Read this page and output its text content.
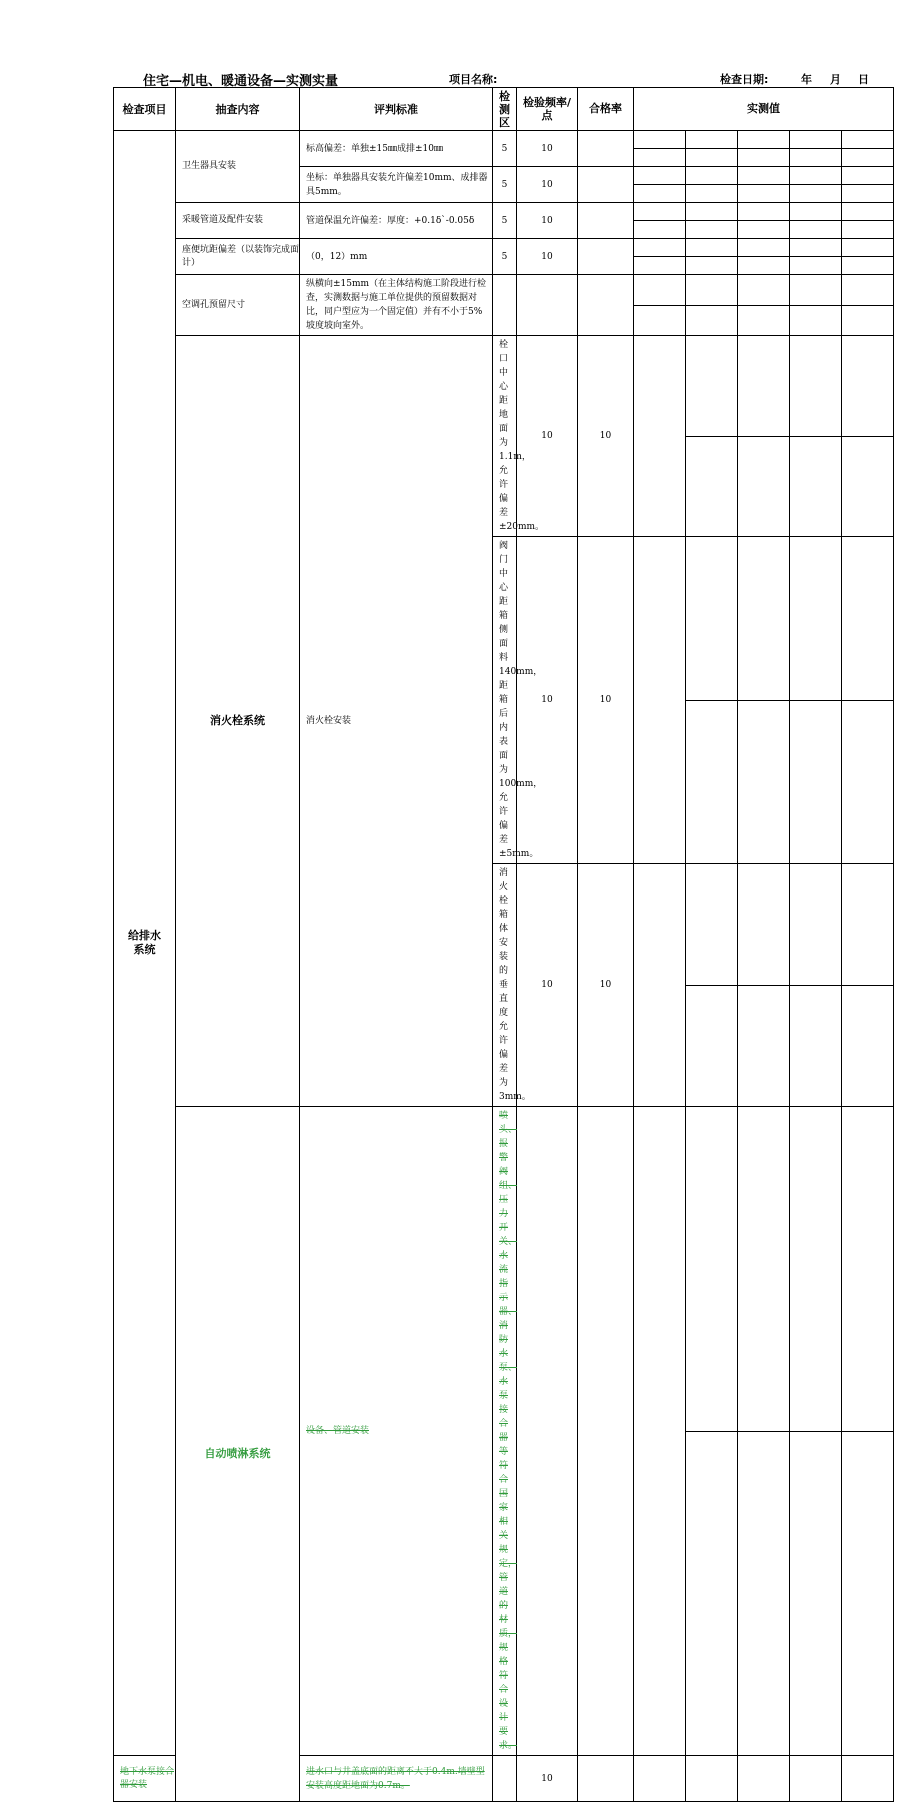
住宅—机电、暖通设备—实测实量	项目名称:	检查日期:	年 月 日
检查项目	抽查内容	评判标准	检测区	检验频率/点	合格率	实测值					
给排水系统	卫生器具安装	标高偏差：单独±15㎜成排±10㎜	5	10							

		坐标：单独器具安装允许偏差10mm、成排器具5mm。	5	10							

	采暖管道及配件安装	管道保温允许偏差：厚度：+0.1δ`-0.05δ	5	10							

	座便坑距偏差（以装饰完成面计）	（0，12）mm	5	10							

	空调孔预留尺寸	纵横向±15mm（在主体结构施工阶段进行检查，实测数据与施工单位提供的预留数据对比，同户型应为一个固定值）并有不小于5%坡度坡向室外。									

	消火栓系统	消火栓安装	栓口中心距地面为1.1m，允许偏差±20mm。	10	10						

			阀门中心距箱侧面料140mm，距箱后内表面为100mm，允许偏差±5mm。	10	10						

			消火栓箱体安装的垂直度允许偏差为3mm。	10	10						

	自动喷淋系统	设备、管道安装	喷头、报警阀组、压力开关、水流指示器、消防水泵、水泵接合器等符合国家相关规定，管道的材质，规格符合设计要求。								

地下水泵接合器安装		进水口与井盖底面的距离不大于0.4m.墙壁型安装高度距地面为0.7m。		10							
